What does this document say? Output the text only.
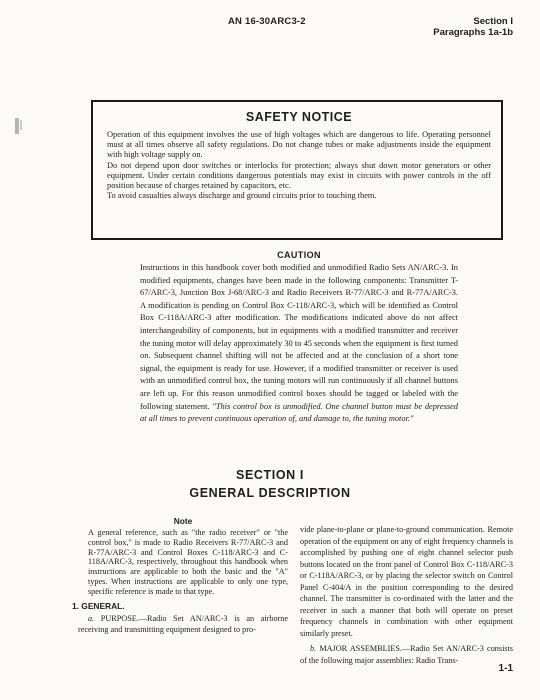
AN 16-30ARC3-2	Section I
Paragraphs 1a-1b
SAFETY NOTICE

Operation of this equipment involves the use of high voltages which are dangerous to life. Operating personnel must at all times observe all safety regulations. Do not change tubes or make adjustments inside the equipment with high voltage supply on.

Do not depend upon door switches or interlocks for protection; always shut down motor generators or other equipment. Under certain conditions dangerous potentials may exist in circuits with power controls in the off position because of charges retained by capacitors, etc.

To avoid casualties always discharge and ground circuits prior to touching them.

CAUTION

Instructions in this handbook cover both modified and unmodified Radio Sets AN/ARC-3. In modified equipments, changes have been made in the following components: Transmitter T-67/ARC-3, Junction Box J-68/ARC-3 and Radio Receivers R-77/ARC-3 and R-77A/ARC-3. A modification is pending on Control Box C-118/ARC-3, which will be identified as Control Box C-118A/ARC-3 after modification. The modifications indicated above do not affect interchangeability of components, but in equipments with a modified transmitter and receiver the tuning motor will delay approximately 30 to 45 seconds when the equipment is first turned on. Subsequent channel shifting will not be affected and at the conclusion of a short tone signal, the equipment is ready for use. However, if a modified transmitter or receiver is used with an unmodified control box, the tuning motors will run continuously if all channel buttons are left up. For this reason unmodified control boxes should be tagged or labeled with the following statement. "This control box is unmodified. One channel button must be depressed at all times to prevent continuous operation of, and damage to, the tuning motor."

SECTION I
GENERAL DESCRIPTION
Note

A general reference, such as "the radio receiver" or "the control box," is made to Radio Receivers R-77/ARC-3 and R-77A/ARC-3 and Control Boxes C-118/ARC-3 and C-118A/ARC-3, respectively, throughout this handbook when instructions are applicable to both the basic and the "A" types. When instructions are applicable to only one type, specific reference is made to that type.

1. GENERAL.

a. PURPOSE.—Radio Set AN/ARC-3 is an airborne receiving and transmitting equipment designed to pro-

vide plane-to-plane or plane-to-ground communication. Remote operation of the equipment on any of eight frequency channels is accomplished by pushing one of eight channel selector push buttons located on the front panel of Control Box C-118/ARC-3 or C-118A/ARC-3, or by placing the selector switch on Control Panel C-404/A in the position corresponding to the desired channel. The transmitter is co-ordinated with the latter and the receiver in such a manner that both will operate on preset frequency channels in combination with other equipment similarly preset.

b. MAJOR ASSEMBLIES.—Radio Set AN/ARC-3 consists of the following major assemblies: Radio Trans-

1-1
